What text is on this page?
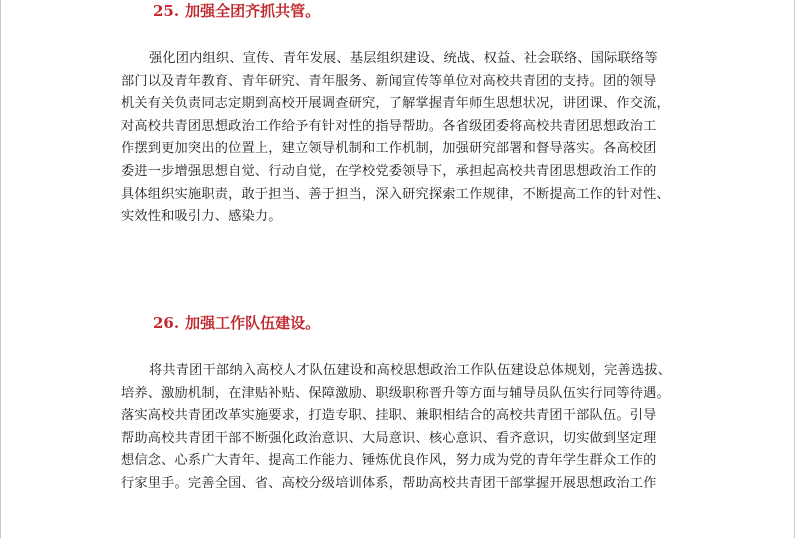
25. 加强全团齐抓共管。
强化团内组织、宣传、青年发展、基层组织建设、统战、权益、社会联络、国际联络等
部门以及青年教育、青年研究、青年服务、新闻宣传等单位对高校共青团的支持。团的领导
机关有关负责同志定期到高校开展调查研究，了解掌握青年师生思想状况，讲团课、作交流，
对高校共青团思想政治工作给予有针对性的指导帮助。各省级团委将高校共青团思想政治工
作摆到更加突出的位置上，建立领导机制和工作机制，加强研究部署和督导落实。各高校团
委进一步增强思想自觉、行动自觉，在学校党委领导下，承担起高校共青团思想政治工作的
具体组织实施职责，敢于担当、善于担当，深入研究探索工作规律，不断提高工作的针对性、
实效性和吸引力、感染力。
26. 加强工作队伍建设。
将共青团干部纳入高校人才队伍建设和高校思想政治工作队伍建设总体规划，完善选拔、
培养、激励机制，在津贴补贴、保障激励、职级职称晋升等方面与辅导员队伍实行同等待遇。
落实高校共青团改革实施要求，打造专职、挂职、兼职相结合的高校共青团干部队伍。引导
帮助高校共青团干部不断强化政治意识、大局意识、核心意识、看齐意识，切实做到坚定理
想信念、心系广大青年、提高工作能力、锤炼优良作风，努力成为党的青年学生群众工作的
行家里手。完善全国、省、高校分级培训体系，帮助高校共青团干部掌握开展思想政治工作
